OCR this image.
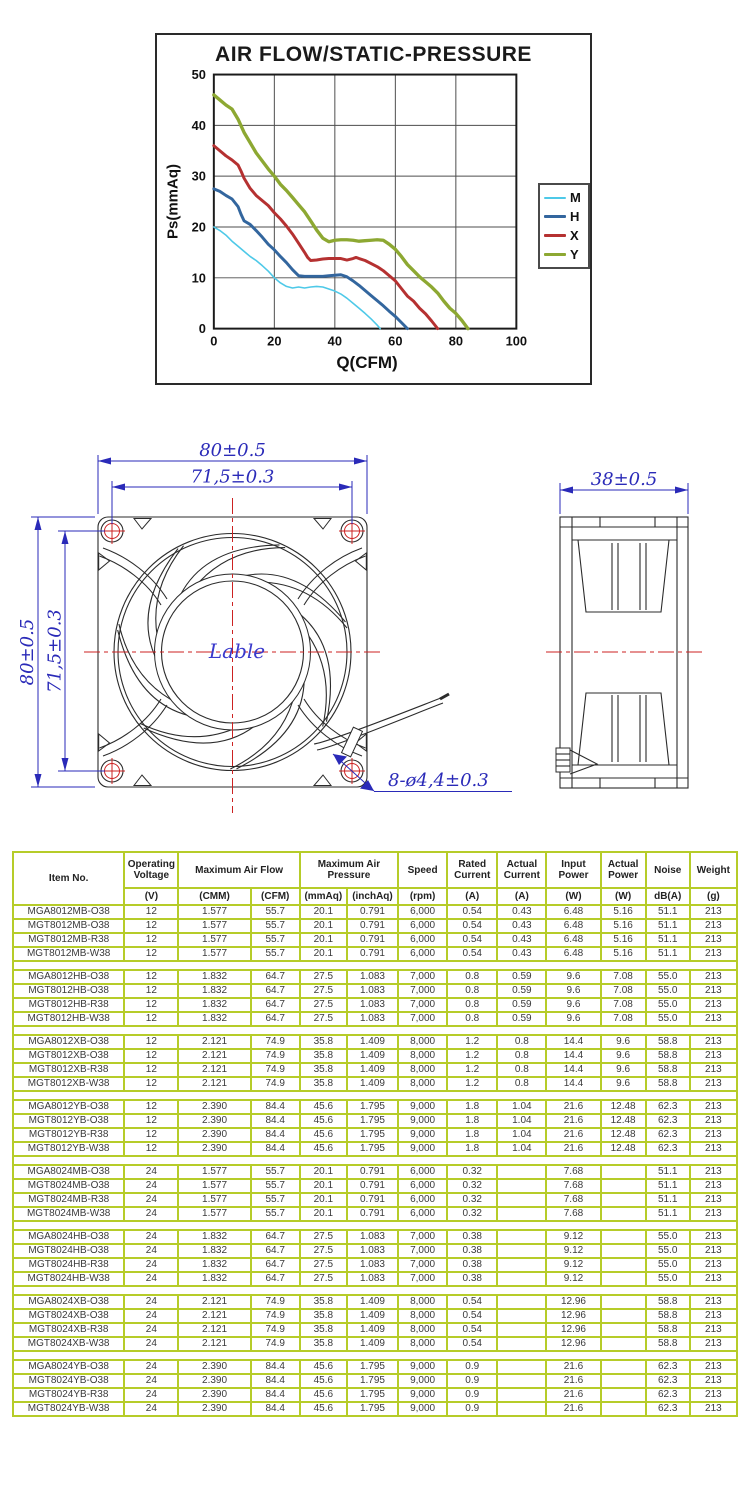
AIR FLOW/STATIC-PRESSURE
0	20	40	60	80	100
0
10
20
30
40
50
Ps(mmAq)
Q(CFM)
M
H
X
Y
Lable
80±0.5
71,5±0.3
80±0.5 71,5±0.3
8-ø4,4±0.3
38±0.5
Item No.	Operating Voltage	Maximum Air Flow		Maximum Air Pressure		Speed	Rated Current	Actual Current	Input Power	Actual Power	Noise	Weight
	(V)	(CMM)	(CFM)	(mmAq)	(inchAq)	(rpm)	(A)	(A)	(W)	(W)	dB(A)	(g)
MGA8012MB-O38	12	1.577	55.7	20.1	0.791	6,000	0.54	0.43	6.48	5.16	51.1	213
MGT8012MB-O38	12	1.577	55.7	20.1	0.791	6,000	0.54	0.43	6.48	5.16	51.1	213
MGT8012MB-R38	12	1.577	55.7	20.1	0.791	6,000	0.54	0.43	6.48	5.16	51.1	213
MGT8012MB-W38	12	1.577	55.7	20.1	0.791	6,000	0.54	0.43	6.48	5.16	51.1	213

MGA8012HB-O38	12	1.832	64.7	27.5	1.083	7,000	0.8	0.59	9.6	7.08	55.0	213
MGT8012HB-O38	12	1.832	64.7	27.5	1.083	7,000	0.8	0.59	9.6	7.08	55.0	213
MGT8012HB-R38	12	1.832	64.7	27.5	1.083	7,000	0.8	0.59	9.6	7.08	55.0	213
MGT8012HB-W38	12	1.832	64.7	27.5	1.083	7,000	0.8	0.59	9.6	7.08	55.0	213

MGA8012XB-O38	12	2.121	74.9	35.8	1.409	8,000	1.2	0.8	14.4	9.6	58.8	213
MGT8012XB-O38	12	2.121	74.9	35.8	1.409	8,000	1.2	0.8	14.4	9.6	58.8	213
MGT8012XB-R38	12	2.121	74.9	35.8	1.409	8,000	1.2	0.8	14.4	9.6	58.8	213
MGT8012XB-W38	12	2.121	74.9	35.8	1.409	8,000	1.2	0.8	14.4	9.6	58.8	213

MGA8012YB-O38	12	2.390	84.4	45.6	1.795	9,000	1.8	1.04	21.6	12.48	62.3	213
MGT8012YB-O38	12	2.390	84.4	45.6	1.795	9,000	1.8	1.04	21.6	12.48	62.3	213
MGT8012YB-R38	12	2.390	84.4	45.6	1.795	9,000	1.8	1.04	21.6	12.48	62.3	213
MGT8012YB-W38	12	2.390	84.4	45.6	1.795	9,000	1.8	1.04	21.6	12.48	62.3	213

MGA8024MB-O38	24	1.577	55.7	20.1	0.791	6,000	0.32		7.68		51.1	213
MGT8024MB-O38	24	1.577	55.7	20.1	0.791	6,000	0.32		7.68		51.1	213
MGT8024MB-R38	24	1.577	55.7	20.1	0.791	6,000	0.32		7.68		51.1	213
MGT8024MB-W38	24	1.577	55.7	20.1	0.791	6,000	0.32		7.68		51.1	213

MGA8024HB-O38	24	1.832	64.7	27.5	1.083	7,000	0.38		9.12		55.0	213
MGT8024HB-O38	24	1.832	64.7	27.5	1.083	7,000	0.38		9.12		55.0	213
MGT8024HB-R38	24	1.832	64.7	27.5	1.083	7,000	0.38		9.12		55.0	213
MGT8024HB-W38	24	1.832	64.7	27.5	1.083	7,000	0.38		9.12		55.0	213

MGA8024XB-O38	24	2.121	74.9	35.8	1.409	8,000	0.54		12.96		58.8	213
MGT8024XB-O38	24	2.121	74.9	35.8	1.409	8,000	0.54		12.96		58.8	213
MGT8024XB-R38	24	2.121	74.9	35.8	1.409	8,000	0.54		12.96		58.8	213
MGT8024XB-W38	24	2.121	74.9	35.8	1.409	8,000	0.54		12.96		58.8	213

MGA8024YB-O38	24	2.390	84.4	45.6	1.795	9,000	0.9		21.6		62.3	213
MGT8024YB-O38	24	2.390	84.4	45.6	1.795	9,000	0.9		21.6		62.3	213
MGT8024YB-R38	24	2.390	84.4	45.6	1.795	9,000	0.9		21.6		62.3	213
MGT8024YB-W38	24	2.390	84.4	45.6	1.795	9,000	0.9		21.6		62.3	213
